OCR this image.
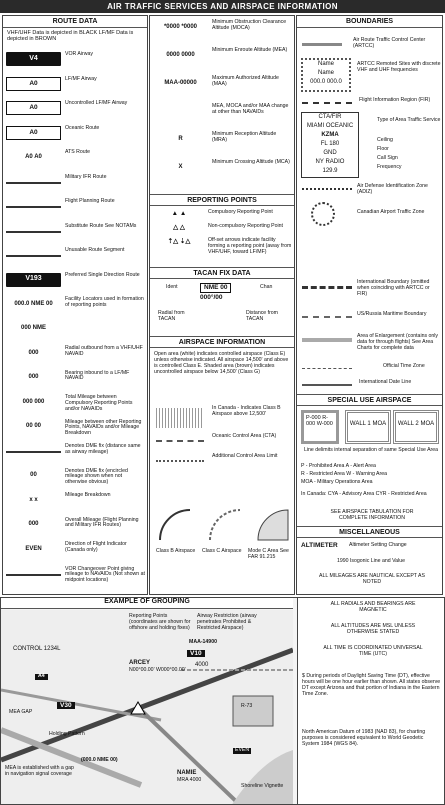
AIR TRAFFIC SERVICES AND AIRSPACE INFORMATION
ROUTE DATA
VHF/UHF Data is depicted in BLACK LF/MF Data is depicted in BROWN
V4
VOR Airway
A0
LF/MF Airway
A0
Uncontrolled LF/MF Airway
A0
Oceanic Route
A0 A0
ATS Route
Military IFR Route
Flight Planning Route
Substitute Route See NOTAMs
Unusable Route Segment
V193
Preferred Single Direction Route
000.0 NME 00
Facility Locators used in formation of reporting points
000 NME
000
Radial outbound from a VHF/UHF NAVAID
000
Bearing inbound to a LF/MF NAVAID
000 000
Total Mileage between Compulsory Reporting Points and/or NAVAIDs
00 00
Mileage between other Reporting Points, NAVAIDs and/or Mileage Breakdown
Denotes DME fix (distance same as airway mileage)
00
Denotes DME fix (encircled mileage shown when not otherwise obvious)
x x
Mileage Breakdown
000
Overall Mileage (Flight Planning and Military IFR Routes)
EVEN
Direction of Flight Indicator (Canada only)
VOR Changeover Point giving mileage to NAVAIDs (Not shown at midpoint locations)
*0000 *0000
Minimum Obstruction Clearance Altitude (MOCA)
0000 0000
Minimum Enroute Altitude (MEA)
MAA-00000
Maximum Authorized Altitude (MAA)
MEA, MOCA and/or MAA change at other than NAVAIDs
R
Minimum Reception Altitude (MRA)
X
Minimum Crossing Altitude (MCA)
REPORTING POINTS
▲ ▲	Compulsory Reporting Point
△ △	Non-compulsory Reporting Point
⇡△ ⇣△	Off-set arrows indicate facility forming a reporting point (away from VHF/UHF, toward LF/MF)
TACAN FIX DATA
Ident	Chan
NME 00
000°/00
Radial from TACAN
Distance from TACAN
AIRSPACE INFORMATION
Open area (white) indicates controlled airspace (Class E) unless otherwise indicated. All airspace 14,500' and above is controlled Class E. Shaded area (brown) indicates uncontrolled airspace below 14,500' (Class G)
In Canada - Indicates Class B Airspace above 12,500'
Oceanic Control Area (CTA)
Additional Control Area Limit
Class B Airspace Class C Airspace Mode C Area See FAR 91.215
BOUNDARIES
Air Route Traffic Control Center (ARTCC)
Name
Name
000.0 000.0
ARTCC Remoted Sites with discrete VHF and UHF frequencies
Flight Information Region (FIR)
CTA/FIR
MIAMI OCEANIC
KZMA
FL 180
GND
NY RADIO
129.9
Type of Area Traffic Service
Ceiling
Floor
Call Sign
Frequency
Air Defense Identification Zone (ADIZ)
Canadian Airport Traffic Zone
International Boundary (omitted when coinciding with ARTCC or FIR)
US/Russia Maritime Boundary
Area of Enlargement (contains only data for through flights) See Area Charts for complete data
Official Time Zone
International Date Line
SPECIAL USE AIRSPACE
P-000 R-000 W-000	WALL 1 MOA	WALL 2 MOA
Line delimits internal separation of same Special Use Area
P - Prohibited Area A - Alert Area
R - Restricted Area W - Warning Area
MOA - Military Operations Area
In Canada: CYA - Advisory Area CYR - Restricted Area
SEE AIRSPACE TABULATION FOR COMPLETE INFORMATION
MISCELLANEOUS
ALTIMETER Altimeter Setting Change
1990 Isogonic Line and Value
ALL MILEAGES ARE NAUTICAL EXCEPT AS NOTED
EXAMPLE OF GROUPING
Reporting Points (coordinates are shown for offshore and holding fixes)
ARCEY
N00°00.00' W000°00.00'
Airway Restriction (airway penetrates Prohibited & Restricted Airspace)
MAA-14900
V10
4000
R-73
CONTROL 1234L
A4
V30
MEA GAP
Holding Pattern
MEA is established with a gap in navigation signal coverage
(000.0 NME 00)
NAMIE
MRA 4000
EVEN
Shoreline Vignette
ALL RADIALS AND BEARINGS ARE MAGNETIC
ALL ALTITUDES ARE MSL UNLESS OTHERWISE STATED
ALL TIME IS COORDINATED UNIVERSAL TIME (UTC)
$ During periods of Daylight Saving Time (DT), effective hours will be one hour earlier than shown. All states observe DT except Arizona and that portion of Indiana in the Eastern Time Zone.
North American Datum of 1983 (NAD 83), for charting purposes is considered equivalent to World Geodetic System 1984 (WGS 84).
